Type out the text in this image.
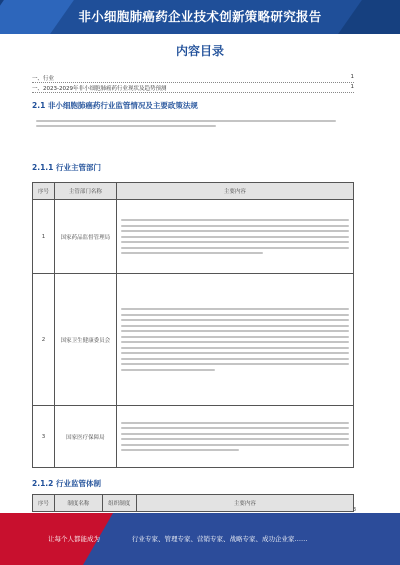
非小细胞肺癌药企业技术创新策略研究报告
内容目录
一、行业	1
一、2023-2029年非小细胞肺癌药行业现状及趋势预测	1
2.1 非小细胞肺癌药行业监管情况及主要政策法规
2.1.1 行业主管部门
序号	主管部门名称	主要内容
1	国家药品监督管理局	

2	国家卫生健康委员会	

3	国家医疗保障局	
2.1.2 行业监管体制
序号	制度名称	组织制度	主要内容
3
让每个人都能成为	行业专家、管理专家、营销专家、战略专家、成功企业家……
